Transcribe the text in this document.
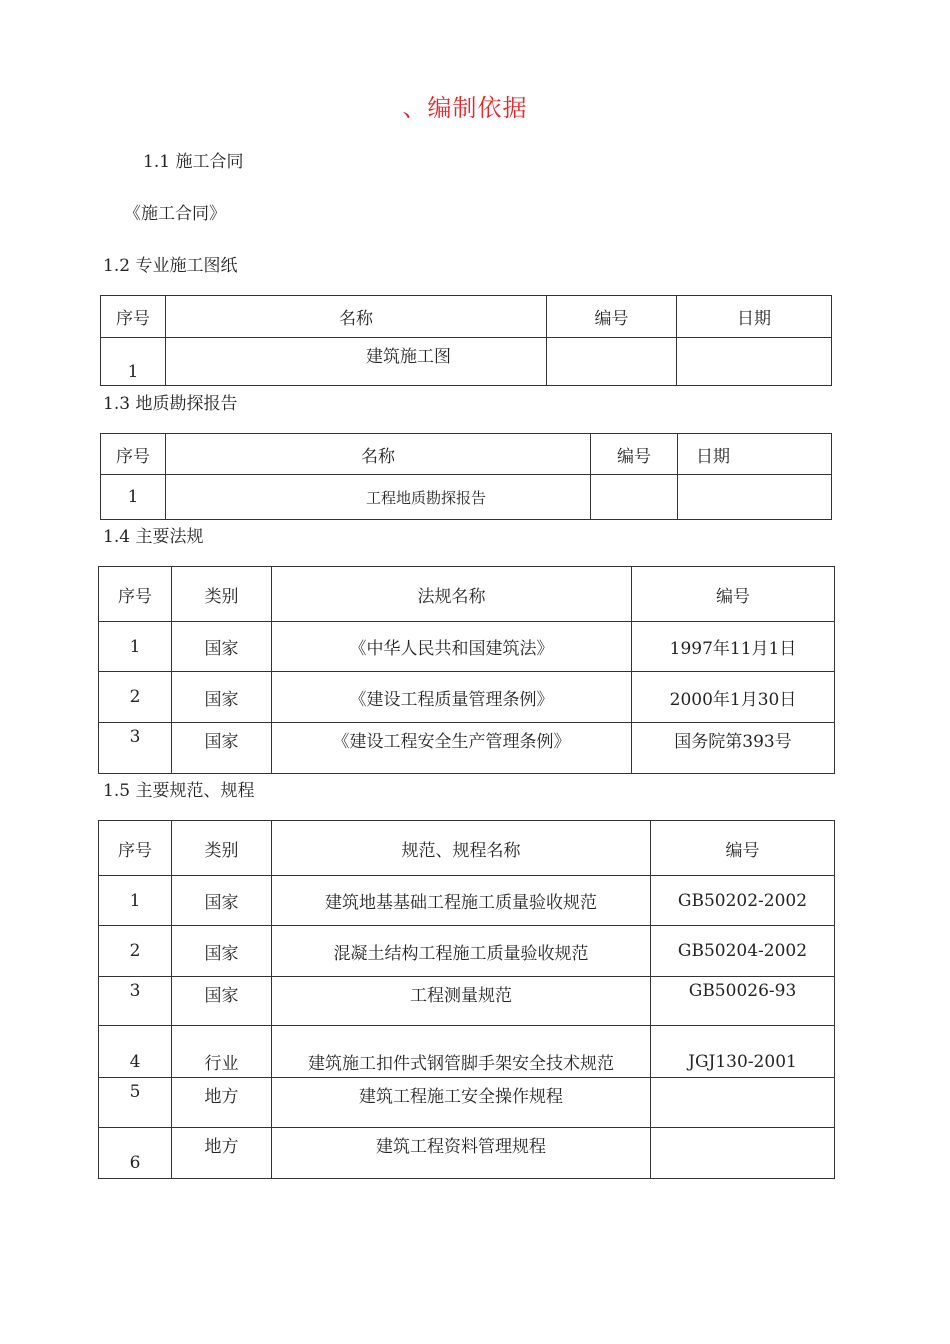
、编制依据
1.1 施工合同
《施工合同》
1.2 专业施工图纸
序号	名称	编号	日期
1	建筑施工图		
1.3 地质勘探报告
序号	名称	编号	日期
1	工程地质勘探报告		
1.4 主要法规
序号	类别	法规名称	编号
1	国家	《中华人民共和国建筑法》	1997年11月1日
2	国家	《建设工程质量管理条例》	2000年1月30日
3	国家	《建设工程安全生产管理条例》	国务院第393号
1.5 主要规范、规程
序号	类别	规范、规程名称	编号
1	国家	建筑地基基础工程施工质量验收规范	GB50202-2002
2	国家	混凝土结构工程施工质量验收规范	GB50204-2002
3	国家	工程测量规范	GB50026-93
4	行业	建筑施工扣件式钢管脚手架安全技术规范	JGJ130-2001
5	地方	建筑工程施工安全操作规程	
6	地方	建筑工程资料管理规程	
